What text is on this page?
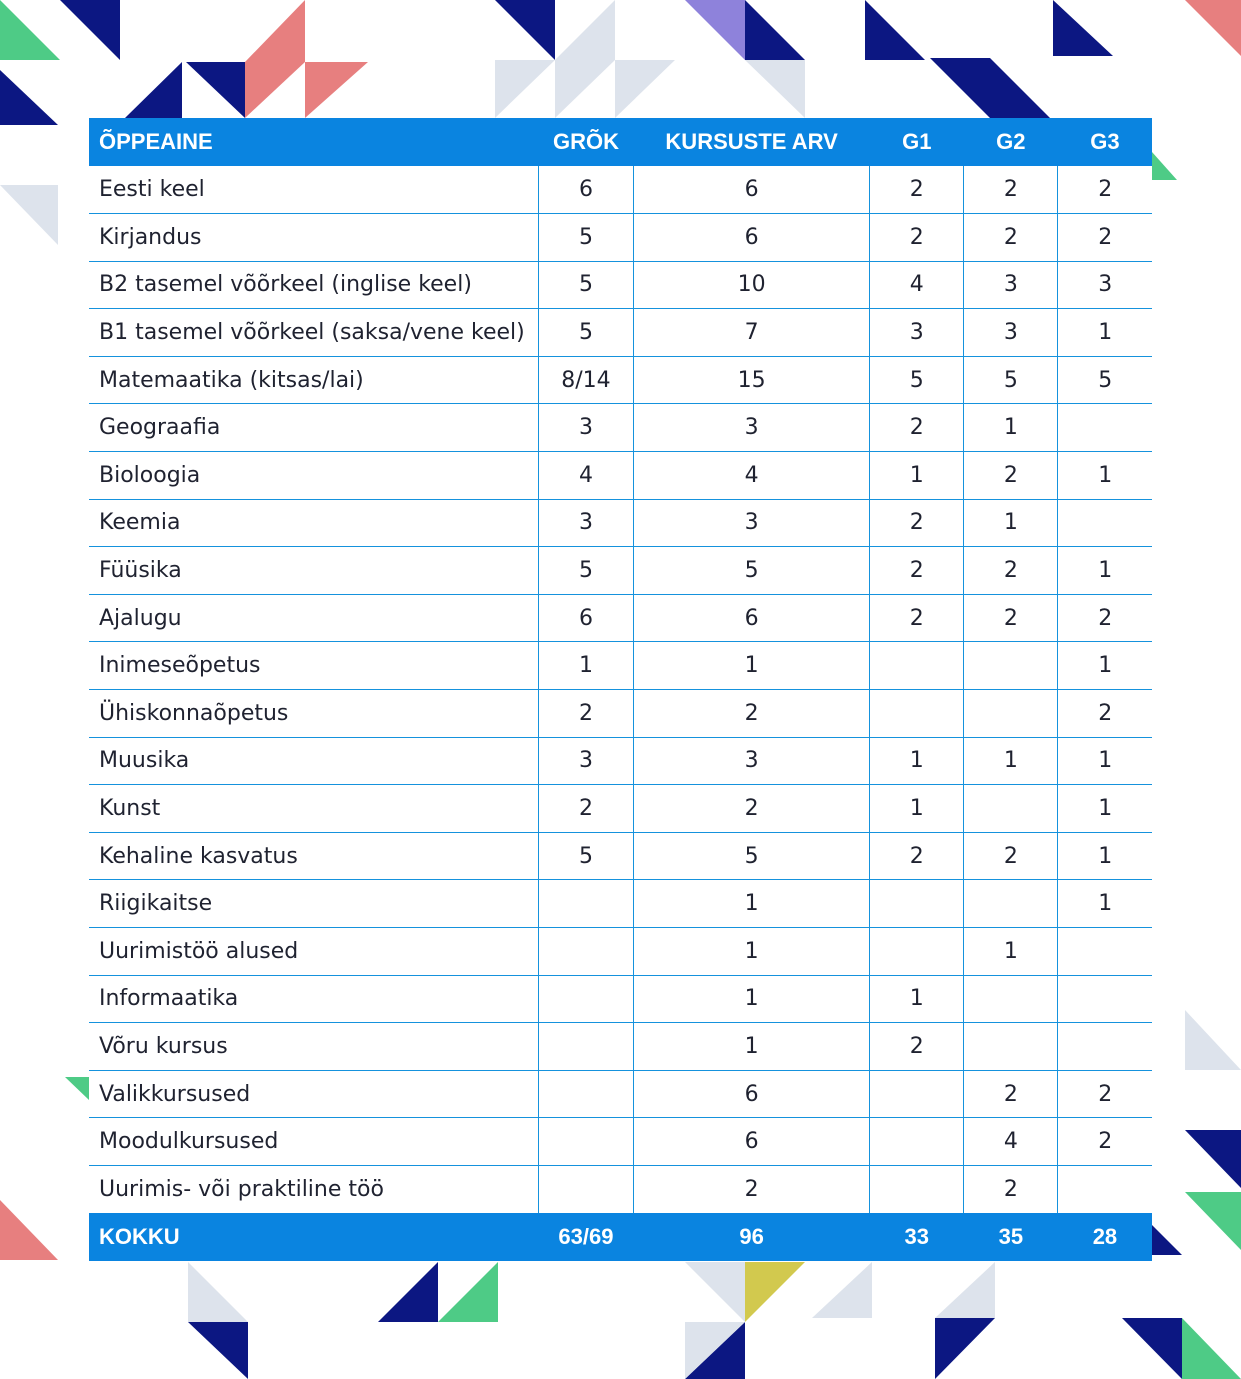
ÕPPEAINE	GRÕK	KURSUSTE ARV	G1	G2	G3
Eesti keel	6	6	2	2	2
Kirjandus	5	6	2	2	2
B2 tasemel võõrkeel (inglise keel)	5	10	4	3	3
B1 tasemel võõrkeel (saksa/vene keel)	5	7	3	3	1
Matemaatika (kitsas/lai)	8/14	15	5	5	5
Geograafia	3	3	2	1	
Bioloogia	4	4	1	2	1
Keemia	3	3	2	1	
Füüsika	5	5	2	2	1
Ajalugu	6	6	2	2	2
Inimeseõpetus	1	1			1
Ühiskonnaõpetus	2	2			2
Muusika	3	3	1	1	1
Kunst	2	2	1		1
Kehaline kasvatus	5	5	2	2	1
Riigikaitse		1			1
Uurimistöö alused		1		1	
Informaatika		1	1		
Võru kursus		1	2		
Valikkursused		6		2	2
Moodulkursused		6		4	2
Uurimis- või praktiline töö		2		2	
KOKKU	63/69	96	33	35	28
